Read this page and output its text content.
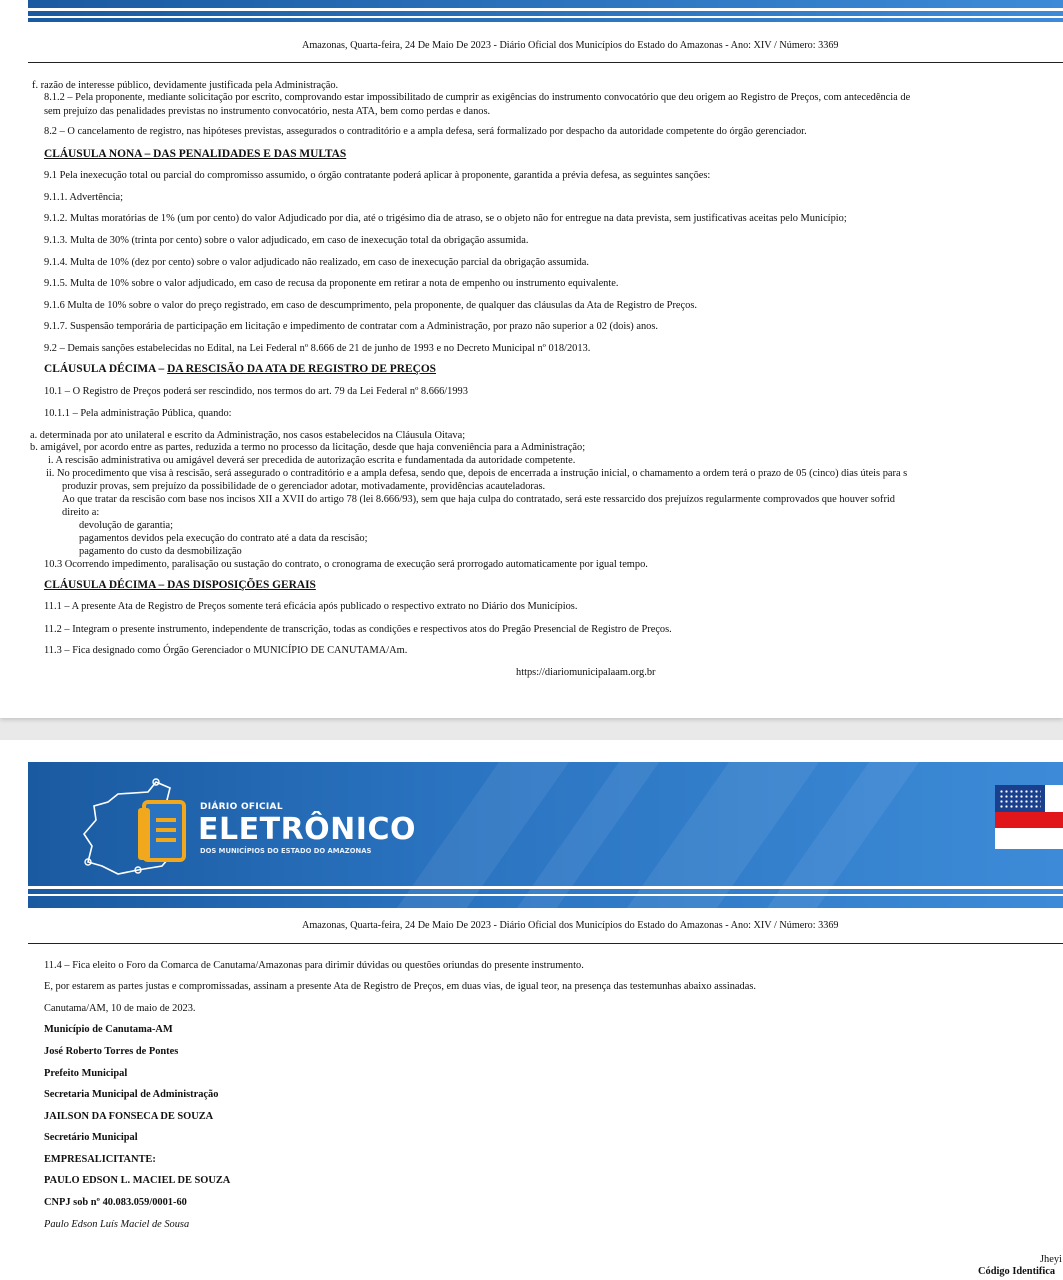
Amazonas, Quarta-feira, 24 De Maio De 2023 - Diário Oficial dos Municípios do Estado do Amazonas - Ano: XIV / Número: 3369
f. razão de interesse público, devidamente justificada pela Administração.
8.1.2 – Pela proponente, mediante solicitação por escrito, comprovando estar impossibilitado de cumprir as exigências do instrumento convocatório que deu origem ao Registro de Preços, com antecedência de
sem prejuízo das penalidades previstas no instrumento convocatório, nesta ATA, bem como perdas e danos.
8.2 – O cancelamento de registro, nas hipóteses previstas, assegurados o contraditório e a ampla defesa, será formalizado por despacho da autoridade competente do órgão gerenciador.
CLÁUSULA NONA – DAS PENALIDADES E DAS MULTAS
9.1 Pela inexecução total ou parcial do compromisso assumido, o órgão contratante poderá aplicar à proponente, garantida a prévia defesa, as seguintes sanções:
9.1.1. Advertência;
9.1.2. Multas moratórias de 1% (um por cento) do valor Adjudicado por dia, até o trigésimo dia de atraso, se o objeto não for entregue na data prevista, sem justificativas aceitas pelo Município;
9.1.3. Multa de 30% (trinta por cento) sobre o valor adjudicado, em caso de inexecução total da obrigação assumida.
9.1.4. Multa de 10% (dez por cento) sobre o valor adjudicado não realizado, em caso de inexecução parcial da obrigação assumida.
9.1.5. Multa de 10% sobre o valor adjudicado, em caso de recusa da proponente em retirar a nota de empenho ou instrumento equivalente.
9.1.6 Multa de 10% sobre o valor do preço registrado, em caso de descumprimento, pela proponente, de qualquer das cláusulas da Ata de Registro de Preços.
9.1.7. Suspensão temporária de participação em licitação e impedimento de contratar com a Administração, por prazo não superior a 02 (dois) anos.
9.2 – Demais sanções estabelecidas no Edital, na Lei Federal nº 8.666 de 21 de junho de 1993 e no Decreto Municipal nº 018/2013.
CLÁUSULA DÉCIMA – DA RESCISÃO DA ATA DE REGISTRO DE PREÇOS
10.1 – O Registro de Preços poderá ser rescindido, nos termos do art. 79 da Lei Federal nº 8.666/1993
10.1.1 – Pela administração Pública, quando:
a. determinada por ato unilateral e escrito da Administração, nos casos estabelecidos na Cláusula Oitava;
b. amigável, por acordo entre as partes, reduzida a termo no processo da licitação, desde que haja conveniência para a Administração;
i. A rescisão administrativa ou amigável deverá ser precedida de autorização escrita e fundamentada da autoridade competente.
ii. No procedimento que visa à rescisão, será assegurado o contraditório e a ampla defesa, sendo que, depois de encerrada a instrução inicial, o chamamento a ordem terá o prazo de 05 (cinco) dias úteis para s
produzir provas, sem prejuízo da possibilidade de o gerenciador adotar, motivadamente, providências acauteladoras.
Ao que tratar da rescisão com base nos incisos XII a XVII do artigo 78 (lei 8.666/93), sem que haja culpa do contratado, será este ressarcido dos prejuízos regularmente comprovados que houver sofrid
direito a:
devolução de garantia;
pagamentos devidos pela execução do contrato até a data da rescisão;
pagamento do custo da desmobilização
10.3 Ocorrendo impedimento, paralisação ou sustação do contrato, o cronograma de execução será prorrogado automaticamente por igual tempo.
CLÁUSULA DÉCIMA – DAS DISPOSIÇÕES GERAIS
11.1 – A presente Ata de Registro de Preços somente terá eficácia após publicado o respectivo extrato no Diário dos Municípios.
11.2 – Integram o presente instrumento, independente de transcrição, todas as condições e respectivos atos do Pregão Presencial de Registro de Preços.
11.3 – Fica designado como Órgão Gerenciador o MUNICÍPIO DE CANUTAMA/Am.
https://diariomunicipalaam.org.br
DIÁRIO OFICIAL
ELETRÔNICO
DOS MUNICÍPIOS DO ESTADO DO AMAZONAS
Amazonas, Quarta-feira, 24 De Maio De 2023 - Diário Oficial dos Municípios do Estado do Amazonas - Ano: XIV / Número: 3369
11.4 – Fica eleito o Foro da Comarca de Canutama/Amazonas para dirimir dúvidas ou questões oriundas do presente instrumento.
E, por estarem as partes justas e compromissadas, assinam a presente Ata de Registro de Preços, em duas vias, de igual teor, na presença das testemunhas abaixo assinadas.
Canutama/AM, 10 de maio de 2023.
Município de Canutama-AM
José Roberto Torres de Pontes
Prefeito Municipal
Secretaria Municipal de Administração
JAILSON DA FONSECA DE SOUZA
Secretário Municipal
EMPRESALICITANTE:
PAULO EDSON L. MACIEL DE SOUZA
CNPJ sob nº 40.083.059/0001-60
Paulo Edson Luís Maciel de Sousa
Jheyi
Código Identifica
